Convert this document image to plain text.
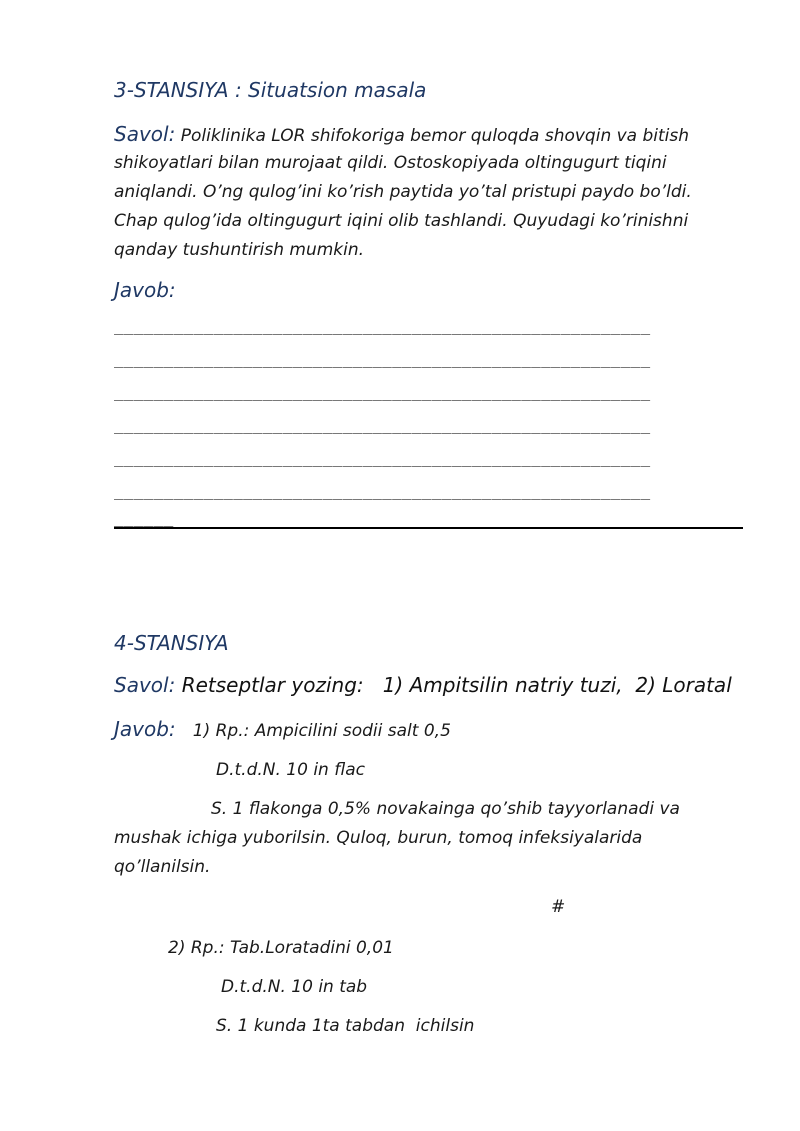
3-STANSIYA : Situatsion masala
Savol: Poliklinika LOR shifokoriga bemor quloqda shovqin va bitish
shikoyatlari bilan murojaat qildi. Ostoskopiyada oltingugurt tiqini
aniqlandi. O’ng qulog’ini ko’rish paytida yo’tal pristupi paydo bo’ldi.
Chap qulog’ida oltingugurt iqini olib tashlandi. Quyudagi ko’rinishni
qanday tushuntirish mumkin.
Javob:
______________________________________________________
______________________________________________________
______________________________________________________
______________________________________________________
______________________________________________________
______________________________________________________
______
4-STANSIYA
Savol: Retseptlar yozing:   1) Ampitsilin natriy tuzi,  2) Loratal
Javob: 1) Rp.: Ampicilini sodii salt 0,5
D.t.d.N. 10 in flac
S. 1 flakonga 0,5% novakainga qo’shib tayyorlanadi va
mushak ichiga yuborilsin. Quloq, burun, tomoq infeksiyalarida
qo’llanilsin.
#
2) Rp.: Tab.Loratadini 0,01
D.t.d.N. 10 in tab
S. 1 kunda 1ta tabdan  ichilsin
